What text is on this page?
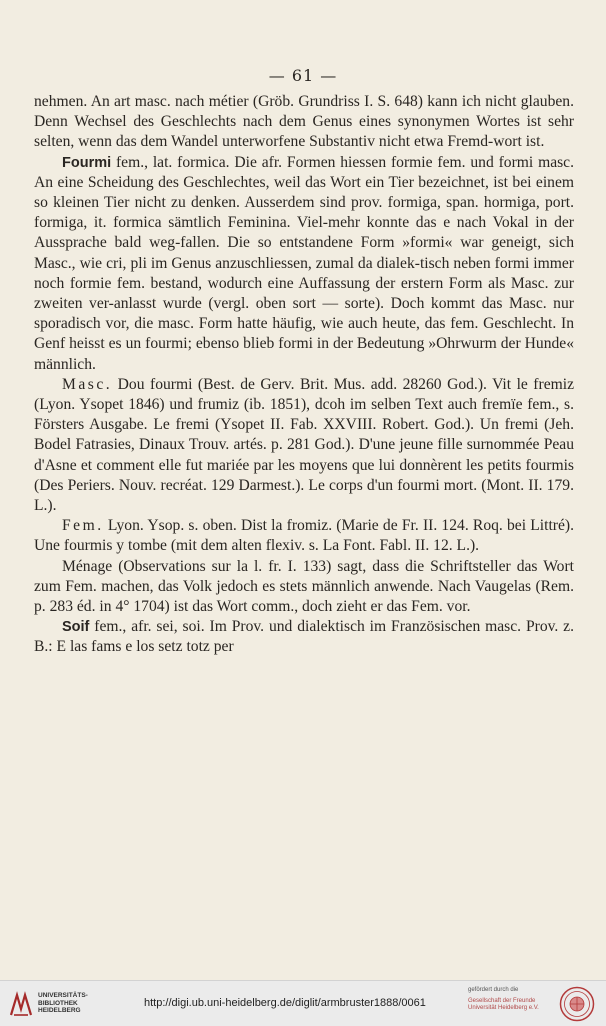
— 61 —

nehmen. An art masc. nach métier (Gröb. Grundriss I. S. 648) kann ich nicht glauben. Denn Wechsel des Geschlechts nach dem Genus eines synonymen Wortes ist sehr selten, wenn das dem Wandel unterworfene Substantiv nicht etwa Fremd-wort ist.

Fourmi fem., lat. formica. Die afr. Formen hiessen formie fem. und formi masc. An eine Scheidung des Geschlechtes, weil das Wort ein Tier bezeichnet, ist bei einem so kleinen Tier nicht zu denken. Ausserdem sind prov. formiga, span. hormiga, port. formiga, it. formica sämtlich Feminina. Viel-mehr konnte das e nach Vokal in der Aussprache bald weg-fallen. Die so entstandene Form »formi« war geneigt, sich Masc., wie cri, pli im Genus anzuschliessen, zumal da dialek-tisch neben formi immer noch formie fem. bestand, wodurch eine Auffassung der erstern Form als Masc. zur zweiten ver-anlasst wurde (vergl. oben sort — sorte). Doch kommt das Masc. nur sporadisch vor, die masc. Form hatte häufig, wie auch heute, das fem. Geschlecht. In Genf heisst es un fourmi; ebenso blieb formi in der Bedeutung »Ohrwurm der Hunde« männlich.

Masc. Dou fourmi (Best. de Gerv. Brit. Mus. add. 28260 God.). Vit le fremiz (Lyon. Ysopet 1846) und frumiz (ib. 1851), dcoh im selben Text auch fremïe fem., s. Försters Ausgabe. Le fremi (Ysopet II. Fab. XXVIII. Robert. God.). Un fremi (Jeh. Bodel Fatrasies, Dinaux Trouv. artés. p. 281 God.). D'une jeune fille surnommée Peau d'Asne et comment elle fut mariée par les moyens que lui donnèrent les petits fourmis (Des Periers. Nouv. recréat. 129 Darmest.). Le corps d'un fourmi mort. (Mont. II. 179. L.).

Fem. Lyon. Ysop. s. oben. Dist la fromiz. (Marie de Fr. II. 124. Roq. bei Littré). Une fourmis y tombe (mit dem alten flexiv. s. La Font. Fabl. II. 12. L.).

Ménage (Observations sur la l. fr. I. 133) sagt, dass die Schriftsteller das Wort zum Fem. machen, das Volk jedoch es stets männlich anwende. Nach Vaugelas (Rem. p. 283 éd. in 4° 1704) ist das Wort comm., doch zieht er das Fem. vor.

Soif fem., afr. sei, soi. Im Prov. und dialektisch im Französischen masc. Prov. z. B.: E las fams e los setz totz per

UNIVERSITÄTS-
BIBLIOTHEK
HEIDELBERG
http://digi.ub.uni-heidelberg.de/diglit/armbruster1888/0061
gefördert durch die
Gesellschaft der Freunde
Universität Heidelberg e.V.
